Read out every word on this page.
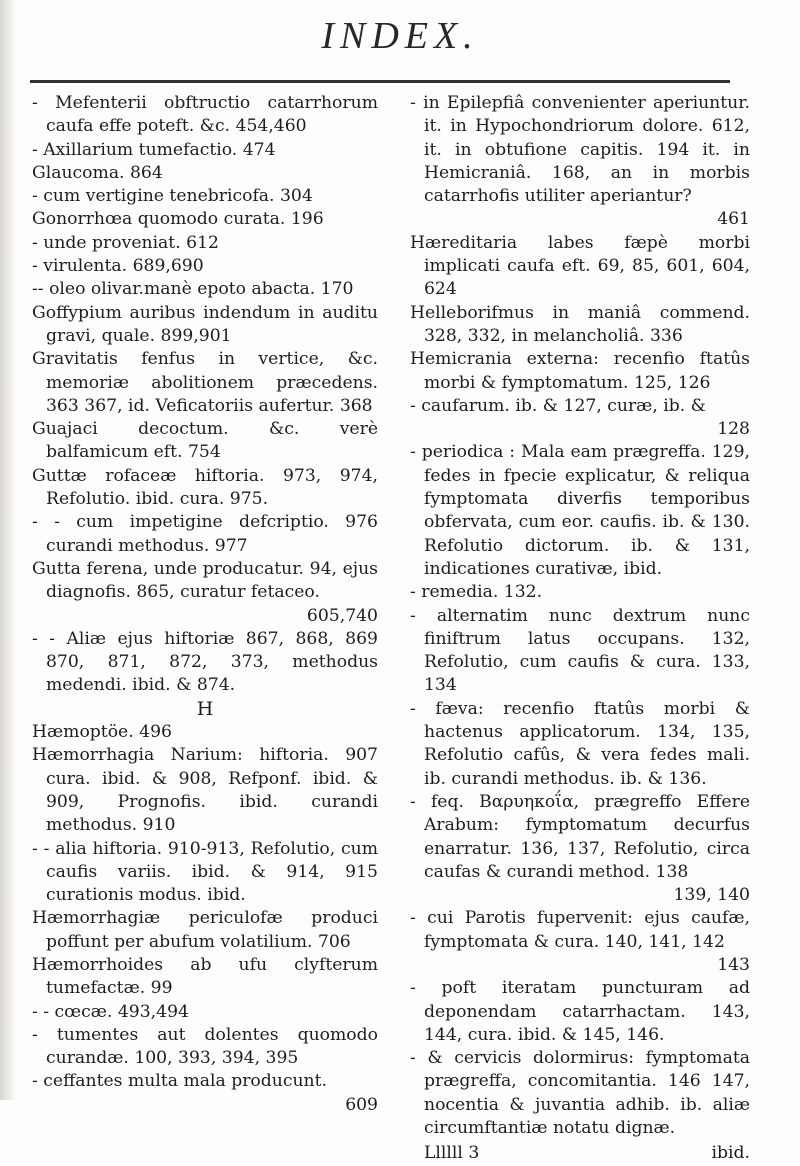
INDEX.
- Mefenterii obftructio catarrhorum caufa effe poteft. &c. 454,460
- Axillarium tumefactio. 474
Glaucoma. 864
- cum vertigine tenebricofa. 304
Gonorrhœa quomodo curata. 196
- unde proveniat. 612
- virulenta. 689,690
-- oleo olivar.manè epoto abacta. 170
Goffypium auribus indendum in auditu gravi, quale. 899,901
Gravitatis fenfus in vertice, &c. memoriæ abolitionem præcedens. 363 367, id. Veficatoriis aufertur. 368
Guajaci decoctum. &c. verè balfamicum eft. 754
Guttæ rofaceæ hiftoria. 973, 974, Refolutio. ibid. cura. 975.
- - cum impetigine defcriptio. 976 curandi methodus. 977
Gutta ferena, unde producatur. 94, ejus diagnofis. 865, curatur fetaceo.
605,740
- - Aliæ ejus hiftoriæ 867, 868, 869 870, 871, 872, 373, methodus medendi. ibid. & 874.
H
Hæmoptöe. 496
Hæmorrhagia Narium: hiftoria. 907 cura. ibid. & 908, Refponf. ibid. & 909, Prognofis. ibid. curandi methodus. 910
- - alia hiftoria. 910-913, Refolutio, cum caufis variis. ibid. & 914, 915 curationis modus. ibid.
Hæmorrhagiæ periculofæ produci poffunt per abufum volatilium. 706
Hæmorrhoides ab ufu clyfterum tumefactæ. 99
- - cœcæ. 493,494
- tumentes aut dolentes quomodo curandæ. 100, 393, 394, 395
- ceffantes multa mala producunt.
609
- in Epilepfiâ convenienter aperiuntur. it. in Hypochondriorum dolore. 612, it. in obtufione capitis. 194 it. in Hemicraniâ. 168, an in morbis catarrhofis utiliter aperiantur?
461
Hæreditaria labes fæpè morbi implicati caufa eft. 69, 85, 601, 604, 624
Helleborifmus in maniâ commend. 328, 332, in melancholiâ. 336
Hemicrania externa: recenfio ftatûs morbi & fymptomatum. 125, 126
- caufarum. ib. & 127, curæ, ib. &
128
- periodica : Mala eam prægreffa. 129, fedes in fpecie explicatur, & reliqua fymptomata diverfis temporibus obfervata, cum eor. caufis. ib. & 130. Refolutio dictorum. ib. & 131, indicationes curativæ, ibid.
- remedia. 132.
- alternatim nunc dextrum nunc finiftrum latus occupans. 132, Refolutio, cum caufis & cura. 133, 134
- fæva: recenfio ftatûs morbi & hactenus applicatorum. 134, 135, Refolutio cafûs, & vera fedes mali. ib. curandi methodus. ib. & 136.
- feq. Βαρυηκοΐα, prægreffo Effere Arabum: fymptomatum decurfus enarratur. 136, 137, Refolutio, circa caufas & curandi method. 138
139, 140
- cui Parotis fupervenit: ejus caufæ, fymptomata & cura. 140, 141, 142
143
- poft iteratam punctuıram ad deponendam catarrhactam. 143, 144, cura. ibid. & 145, 146.
- & cervicis dolormirus: fymptomata prægreffa, concomitantia. 146 147, nocentia & juvantia adhib. ib. aliæ circumftantiæ notatu dignæ.
Llllll 3	ibid.
